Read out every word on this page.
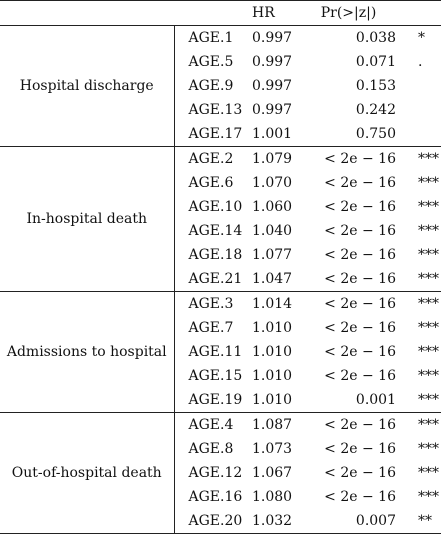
		HR	Pr(>|z|)	
Hospital discharge	AGE.1	0.997	0.038	*
	AGE.5	0.997	0.071	.
	AGE.9	0.997	0.153	
	AGE.13	0.997	0.242	
	AGE.17	1.001	0.750	
In-hospital death	AGE.2	1.079	< 2e − 16	***
	AGE.6	1.070	< 2e − 16	***
	AGE.10	1.060	< 2e − 16	***
	AGE.14	1.040	< 2e − 16	***
	AGE.18	1.077	< 2e − 16	***
	AGE.21	1.047	< 2e − 16	***
Admissions to hospital	AGE.3	1.014	< 2e − 16	***
	AGE.7	1.010	< 2e − 16	***
	AGE.11	1.010	< 2e − 16	***
	AGE.15	1.010	< 2e − 16	***
	AGE.19	1.010	0.001	***
Out-of-hospital death	AGE.4	1.087	< 2e − 16	***
	AGE.8	1.073	< 2e − 16	***
	AGE.12	1.067	< 2e − 16	***
	AGE.16	1.080	< 2e − 16	***
	AGE.20	1.032	0.007	**
